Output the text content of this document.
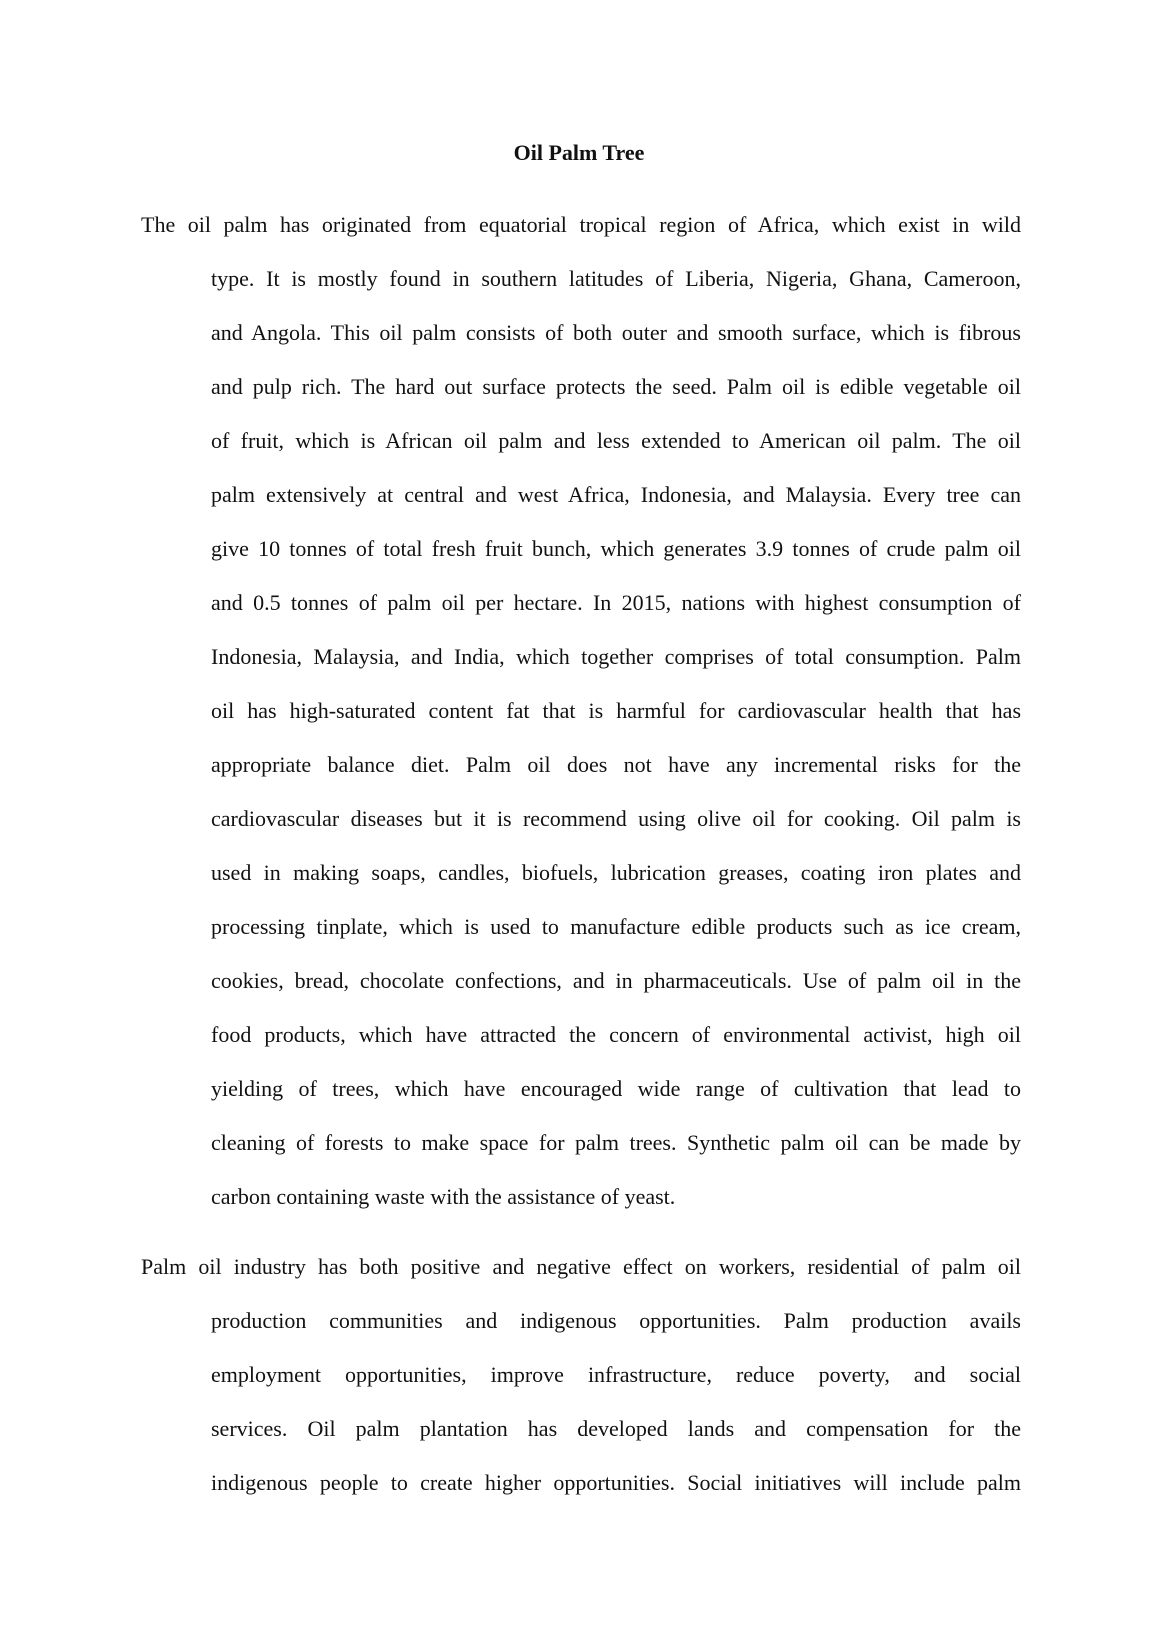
Oil Palm Tree

The oil palm has originated from equatorial tropical region of Africa, which exist in wild
type. It is mostly found in southern latitudes of Liberia, Nigeria, Ghana, Cameroon,
and Angola. This oil palm consists of both outer and smooth surface, which is fibrous
and pulp rich. The hard out surface protects the seed. Palm oil is edible vegetable oil
of fruit, which is African oil palm and less extended to American oil palm. The oil
palm extensively at central and west Africa, Indonesia, and Malaysia. Every tree can
give 10 tonnes of total fresh fruit bunch, which generates 3.9 tonnes of crude palm oil
and 0.5 tonnes of palm oil per hectare. In 2015, nations with highest consumption of
Indonesia, Malaysia, and India, which together comprises of total consumption. Palm
oil has high-saturated content fat that is harmful for cardiovascular health that has
appropriate balance diet. Palm oil does not have any incremental risks for the
cardiovascular diseases but it is recommend using olive oil for cooking. Oil palm is
used in making soaps, candles, biofuels, lubrication greases, coating iron plates and
processing tinplate, which is used to manufacture edible products such as ice cream,
cookies, bread, chocolate confections, and in pharmaceuticals. Use of palm oil in the
food products, which have attracted the concern of environmental activist, high oil
yielding of trees, which have encouraged wide range of cultivation that lead to
cleaning of forests to make space for palm trees. Synthetic palm oil can be made by
carbon containing waste with the assistance of yeast.

Palm oil industry has both positive and negative effect on workers, residential of palm oil
production communities and indigenous opportunities. Palm production avails
employment opportunities, improve infrastructure, reduce poverty, and social
services. Oil palm plantation has developed lands and compensation for the
indigenous people to create higher opportunities. Social initiatives will include palm
